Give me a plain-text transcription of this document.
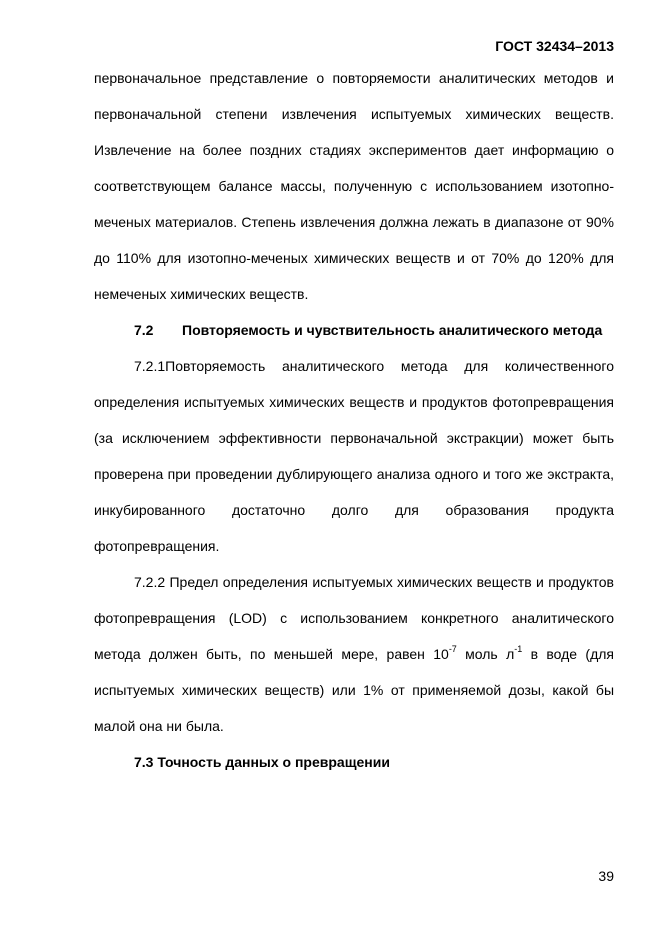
ГОСТ 32434–2013

первоначальное представление о повторяемости аналитических методов и первоначальной степени извлечения испытуемых химических веществ. Извлечение на более поздних стадиях экспериментов дает информацию о соответствующем балансе массы, полученную с использованием изотопно-меченых материалов. Степень извлечения должна лежать в диапазоне от 90% до 110% для изотопно-меченых химических веществ и от 70% до 120% для немеченых химических веществ.

7.2 Повторяемость и чувствительность аналитического метода

7.2.1Повторяемость аналитического метода для количественного определения испытуемых химических веществ и продуктов фотопревращения (за исключением эффективности первоначальной экстракции) может быть проверена при проведении дублирующего анализа одного и того же экстракта, инкубированного достаточно долго для образования продукта фотопревращения.

7.2.2 Предел определения испытуемых химических веществ и продуктов фотопревращения (LOD) с использованием конкретного аналитического метода должен быть, по меньшей мере, равен $10^{-7}$ моль $л^{-1}$ в воде (для испытуемых химических веществ) или 1% от применяемой дозы, какой бы малой она ни была.

7.3 Точность данных о превращении

39
